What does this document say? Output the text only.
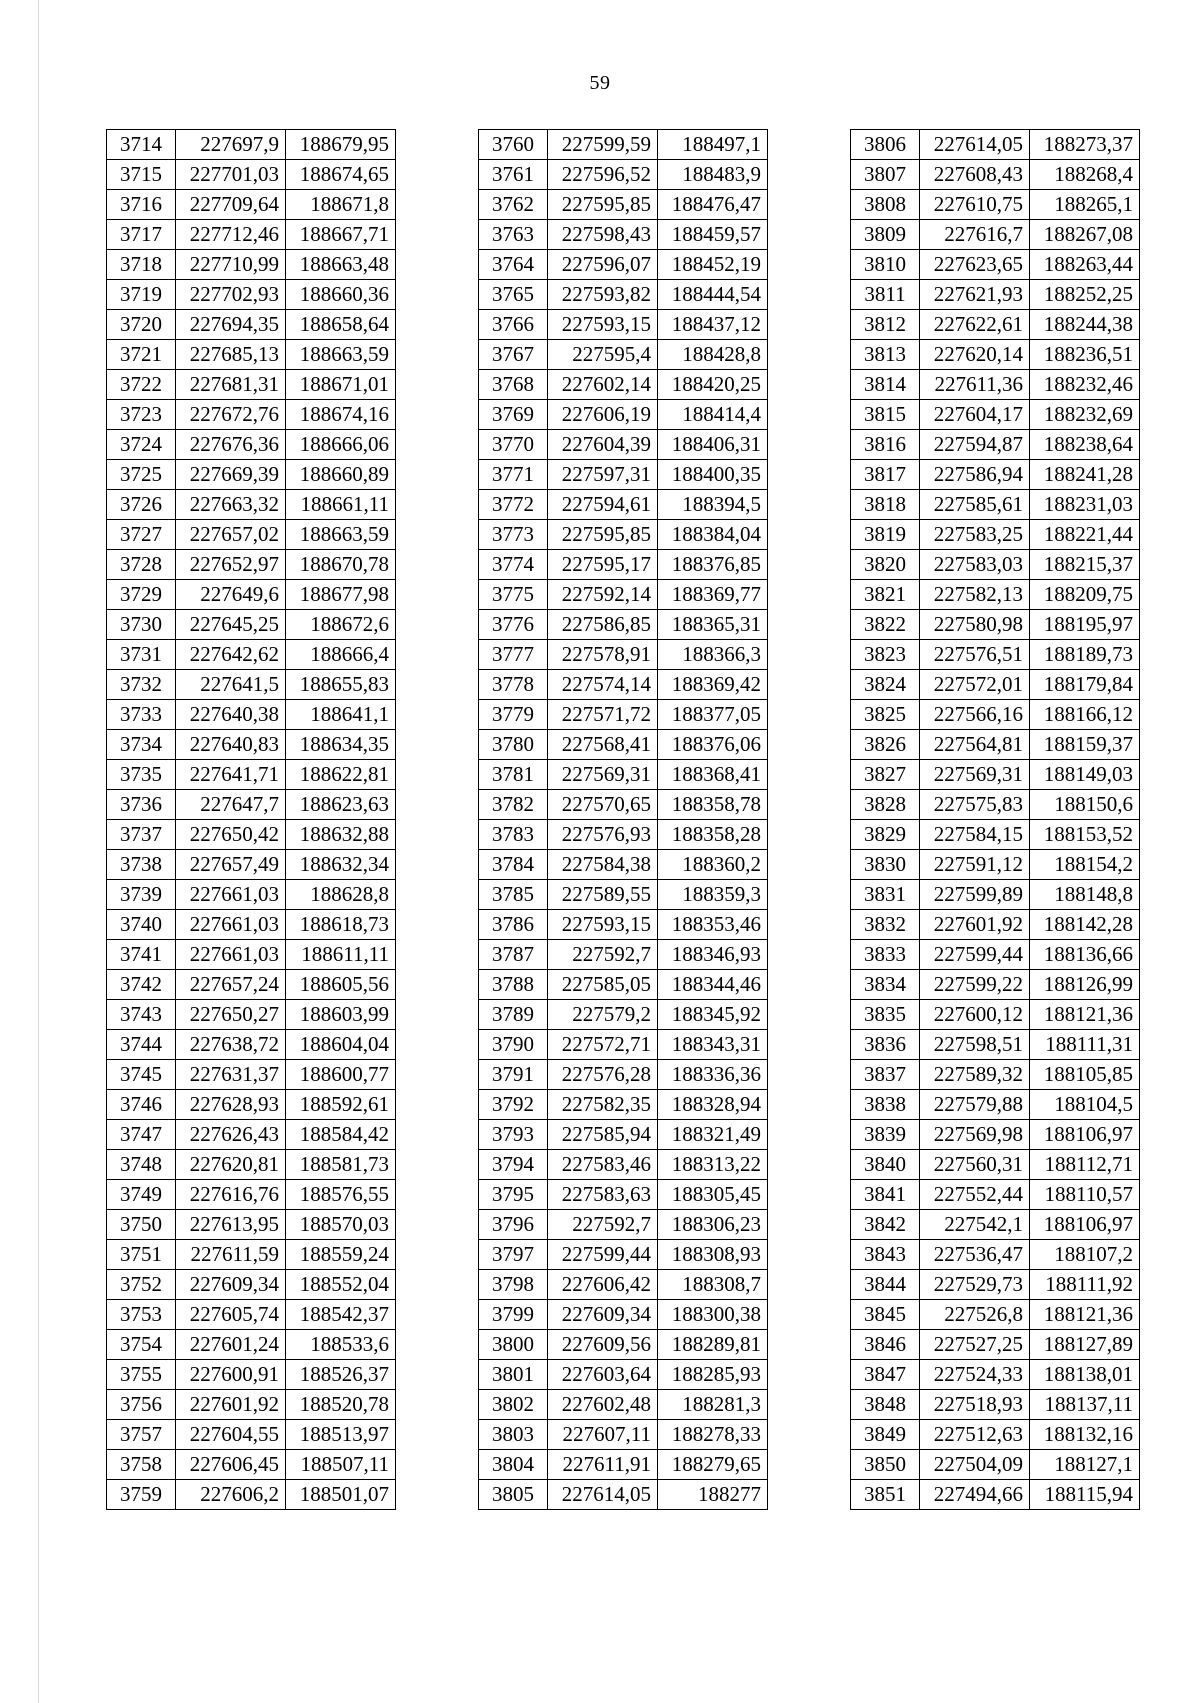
59
3714	227697,9	188679,95
3715	227701,03	188674,65
3716	227709,64	188671,8
3717	227712,46	188667,71
3718	227710,99	188663,48
3719	227702,93	188660,36
3720	227694,35	188658,64
3721	227685,13	188663,59
3722	227681,31	188671,01
3723	227672,76	188674,16
3724	227676,36	188666,06
3725	227669,39	188660,89
3726	227663,32	188661,11
3727	227657,02	188663,59
3728	227652,97	188670,78
3729	227649,6	188677,98
3730	227645,25	188672,6
3731	227642,62	188666,4
3732	227641,5	188655,83
3733	227640,38	188641,1
3734	227640,83	188634,35
3735	227641,71	188622,81
3736	227647,7	188623,63
3737	227650,42	188632,88
3738	227657,49	188632,34
3739	227661,03	188628,8
3740	227661,03	188618,73
3741	227661,03	188611,11
3742	227657,24	188605,56
3743	227650,27	188603,99
3744	227638,72	188604,04
3745	227631,37	188600,77
3746	227628,93	188592,61
3747	227626,43	188584,42
3748	227620,81	188581,73
3749	227616,76	188576,55
3750	227613,95	188570,03
3751	227611,59	188559,24
3752	227609,34	188552,04
3753	227605,74	188542,37
3754	227601,24	188533,6
3755	227600,91	188526,37
3756	227601,92	188520,78
3757	227604,55	188513,97
3758	227606,45	188507,11
3759	227606,2	188501,07
3760	227599,59	188497,1
3761	227596,52	188483,9
3762	227595,85	188476,47
3763	227598,43	188459,57
3764	227596,07	188452,19
3765	227593,82	188444,54
3766	227593,15	188437,12
3767	227595,4	188428,8
3768	227602,14	188420,25
3769	227606,19	188414,4
3770	227604,39	188406,31
3771	227597,31	188400,35
3772	227594,61	188394,5
3773	227595,85	188384,04
3774	227595,17	188376,85
3775	227592,14	188369,77
3776	227586,85	188365,31
3777	227578,91	188366,3
3778	227574,14	188369,42
3779	227571,72	188377,05
3780	227568,41	188376,06
3781	227569,31	188368,41
3782	227570,65	188358,78
3783	227576,93	188358,28
3784	227584,38	188360,2
3785	227589,55	188359,3
3786	227593,15	188353,46
3787	227592,7	188346,93
3788	227585,05	188344,46
3789	227579,2	188345,92
3790	227572,71	188343,31
3791	227576,28	188336,36
3792	227582,35	188328,94
3793	227585,94	188321,49
3794	227583,46	188313,22
3795	227583,63	188305,45
3796	227592,7	188306,23
3797	227599,44	188308,93
3798	227606,42	188308,7
3799	227609,34	188300,38
3800	227609,56	188289,81
3801	227603,64	188285,93
3802	227602,48	188281,3
3803	227607,11	188278,33
3804	227611,91	188279,65
3805	227614,05	188277
3806	227614,05	188273,37
3807	227608,43	188268,4
3808	227610,75	188265,1
3809	227616,7	188267,08
3810	227623,65	188263,44
3811	227621,93	188252,25
3812	227622,61	188244,38
3813	227620,14	188236,51
3814	227611,36	188232,46
3815	227604,17	188232,69
3816	227594,87	188238,64
3817	227586,94	188241,28
3818	227585,61	188231,03
3819	227583,25	188221,44
3820	227583,03	188215,37
3821	227582,13	188209,75
3822	227580,98	188195,97
3823	227576,51	188189,73
3824	227572,01	188179,84
3825	227566,16	188166,12
3826	227564,81	188159,37
3827	227569,31	188149,03
3828	227575,83	188150,6
3829	227584,15	188153,52
3830	227591,12	188154,2
3831	227599,89	188148,8
3832	227601,92	188142,28
3833	227599,44	188136,66
3834	227599,22	188126,99
3835	227600,12	188121,36
3836	227598,51	188111,31
3837	227589,32	188105,85
3838	227579,88	188104,5
3839	227569,98	188106,97
3840	227560,31	188112,71
3841	227552,44	188110,57
3842	227542,1	188106,97
3843	227536,47	188107,2
3844	227529,73	188111,92
3845	227526,8	188121,36
3846	227527,25	188127,89
3847	227524,33	188138,01
3848	227518,93	188137,11
3849	227512,63	188132,16
3850	227504,09	188127,1
3851	227494,66	188115,94
